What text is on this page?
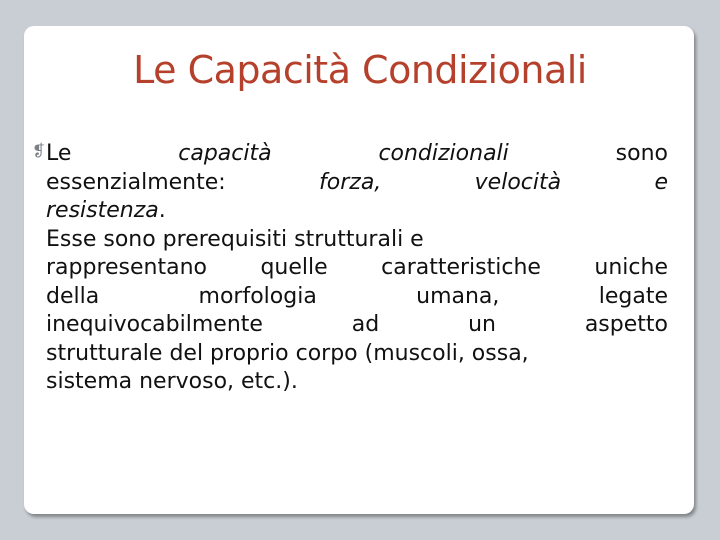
Le Capacità Condizionali
❡ Le	capacità	condizionali	sono
essenzialmente:	forza,	velocità	e
resistenza.
Esse sono prerequisiti strutturali e
rappresentano quelle caratteristiche uniche
della	morfologia	umana,	legate
inequivocabilmente	ad	un	aspetto
strutturale del proprio corpo (muscoli, ossa,
sistema nervoso, etc.).
